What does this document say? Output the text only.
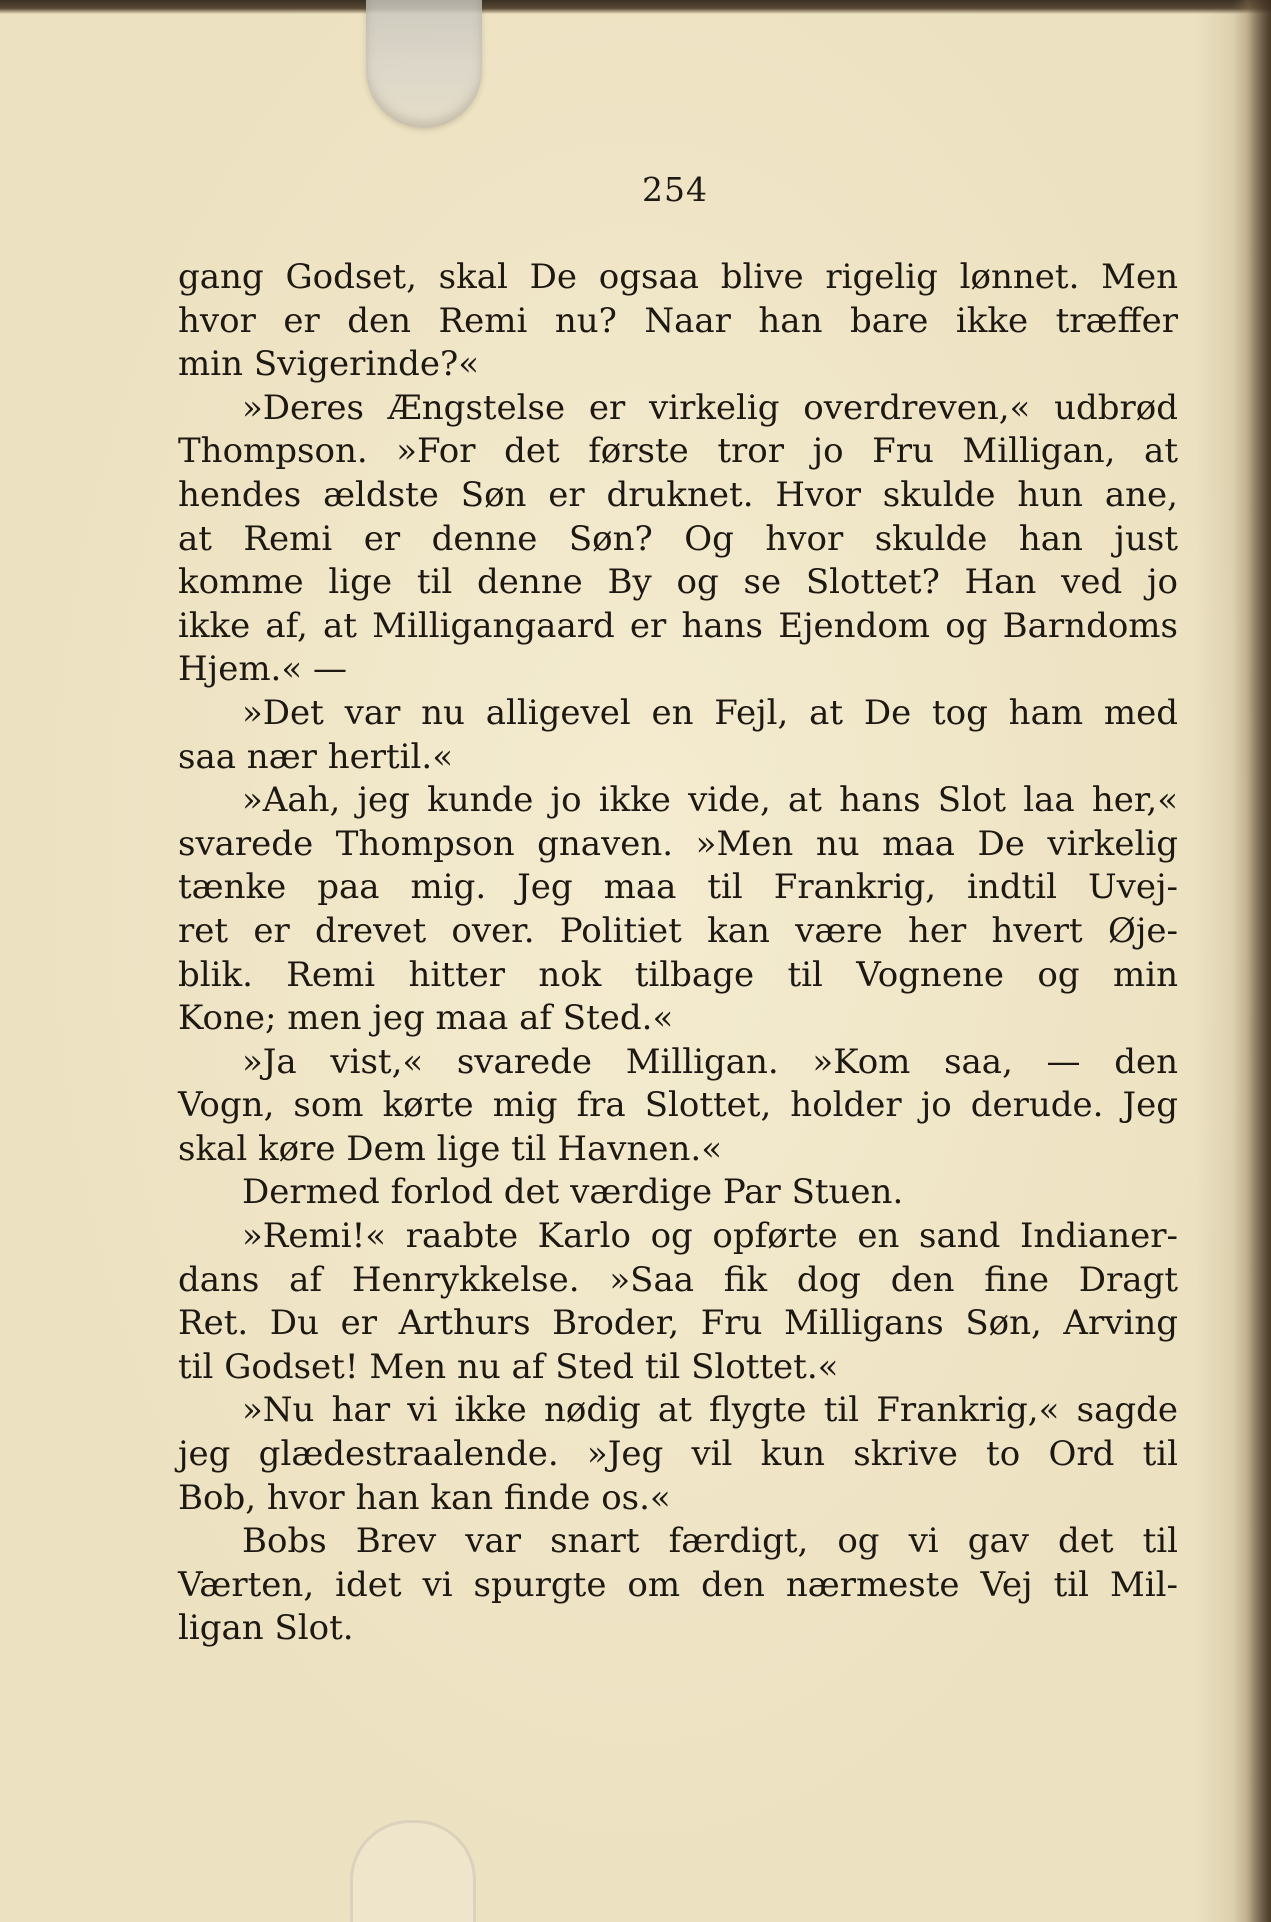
254
gang Godset, skal De ogsaa blive rigelig lønnet. Men
hvor er den Remi nu? Naar han bare ikke træffer
min Svigerinde?«
»Deres Ængstelse er virkelig overdreven,« udbrød
Thompson. »For det første tror jo Fru Milligan, at
hendes ældste Søn er druknet. Hvor skulde hun ane,
at Remi er denne Søn? Og hvor skulde han just
komme lige til denne By og se Slottet? Han ved jo
ikke af, at Milligangaard er hans Ejendom og Barndoms
Hjem.« —
»Det var nu alligevel en Fejl, at De tog ham med
saa nær hertil.«
»Aah, jeg kunde jo ikke vide, at hans Slot laa her,«
svarede Thompson gnaven. »Men nu maa De virkelig
tænke paa mig. Jeg maa til Frankrig, indtil Uvej-
ret er drevet over. Politiet kan være her hvert Øje-
blik. Remi hitter nok tilbage til Vognene og min
Kone; men jeg maa af Sted.«
»Ja vist,« svarede Milligan. »Kom saa, — den
Vogn, som kørte mig fra Slottet, holder jo derude. Jeg
skal køre Dem lige til Havnen.«
Dermed forlod det værdige Par Stuen.
»Remi!« raabte Karlo og opførte en sand Indianer-
dans af Henrykkelse. »Saa fik dog den fine Dragt
Ret. Du er Arthurs Broder, Fru Milligans Søn, Arving
til Godset! Men nu af Sted til Slottet.«
»Nu har vi ikke nødig at flygte til Frankrig,« sagde
jeg glædestraalende. »Jeg vil kun skrive to Ord til
Bob, hvor han kan finde os.«
Bobs Brev var snart færdigt, og vi gav det til
Værten, idet vi spurgte om den nærmeste Vej til Mil-
ligan Slot.
